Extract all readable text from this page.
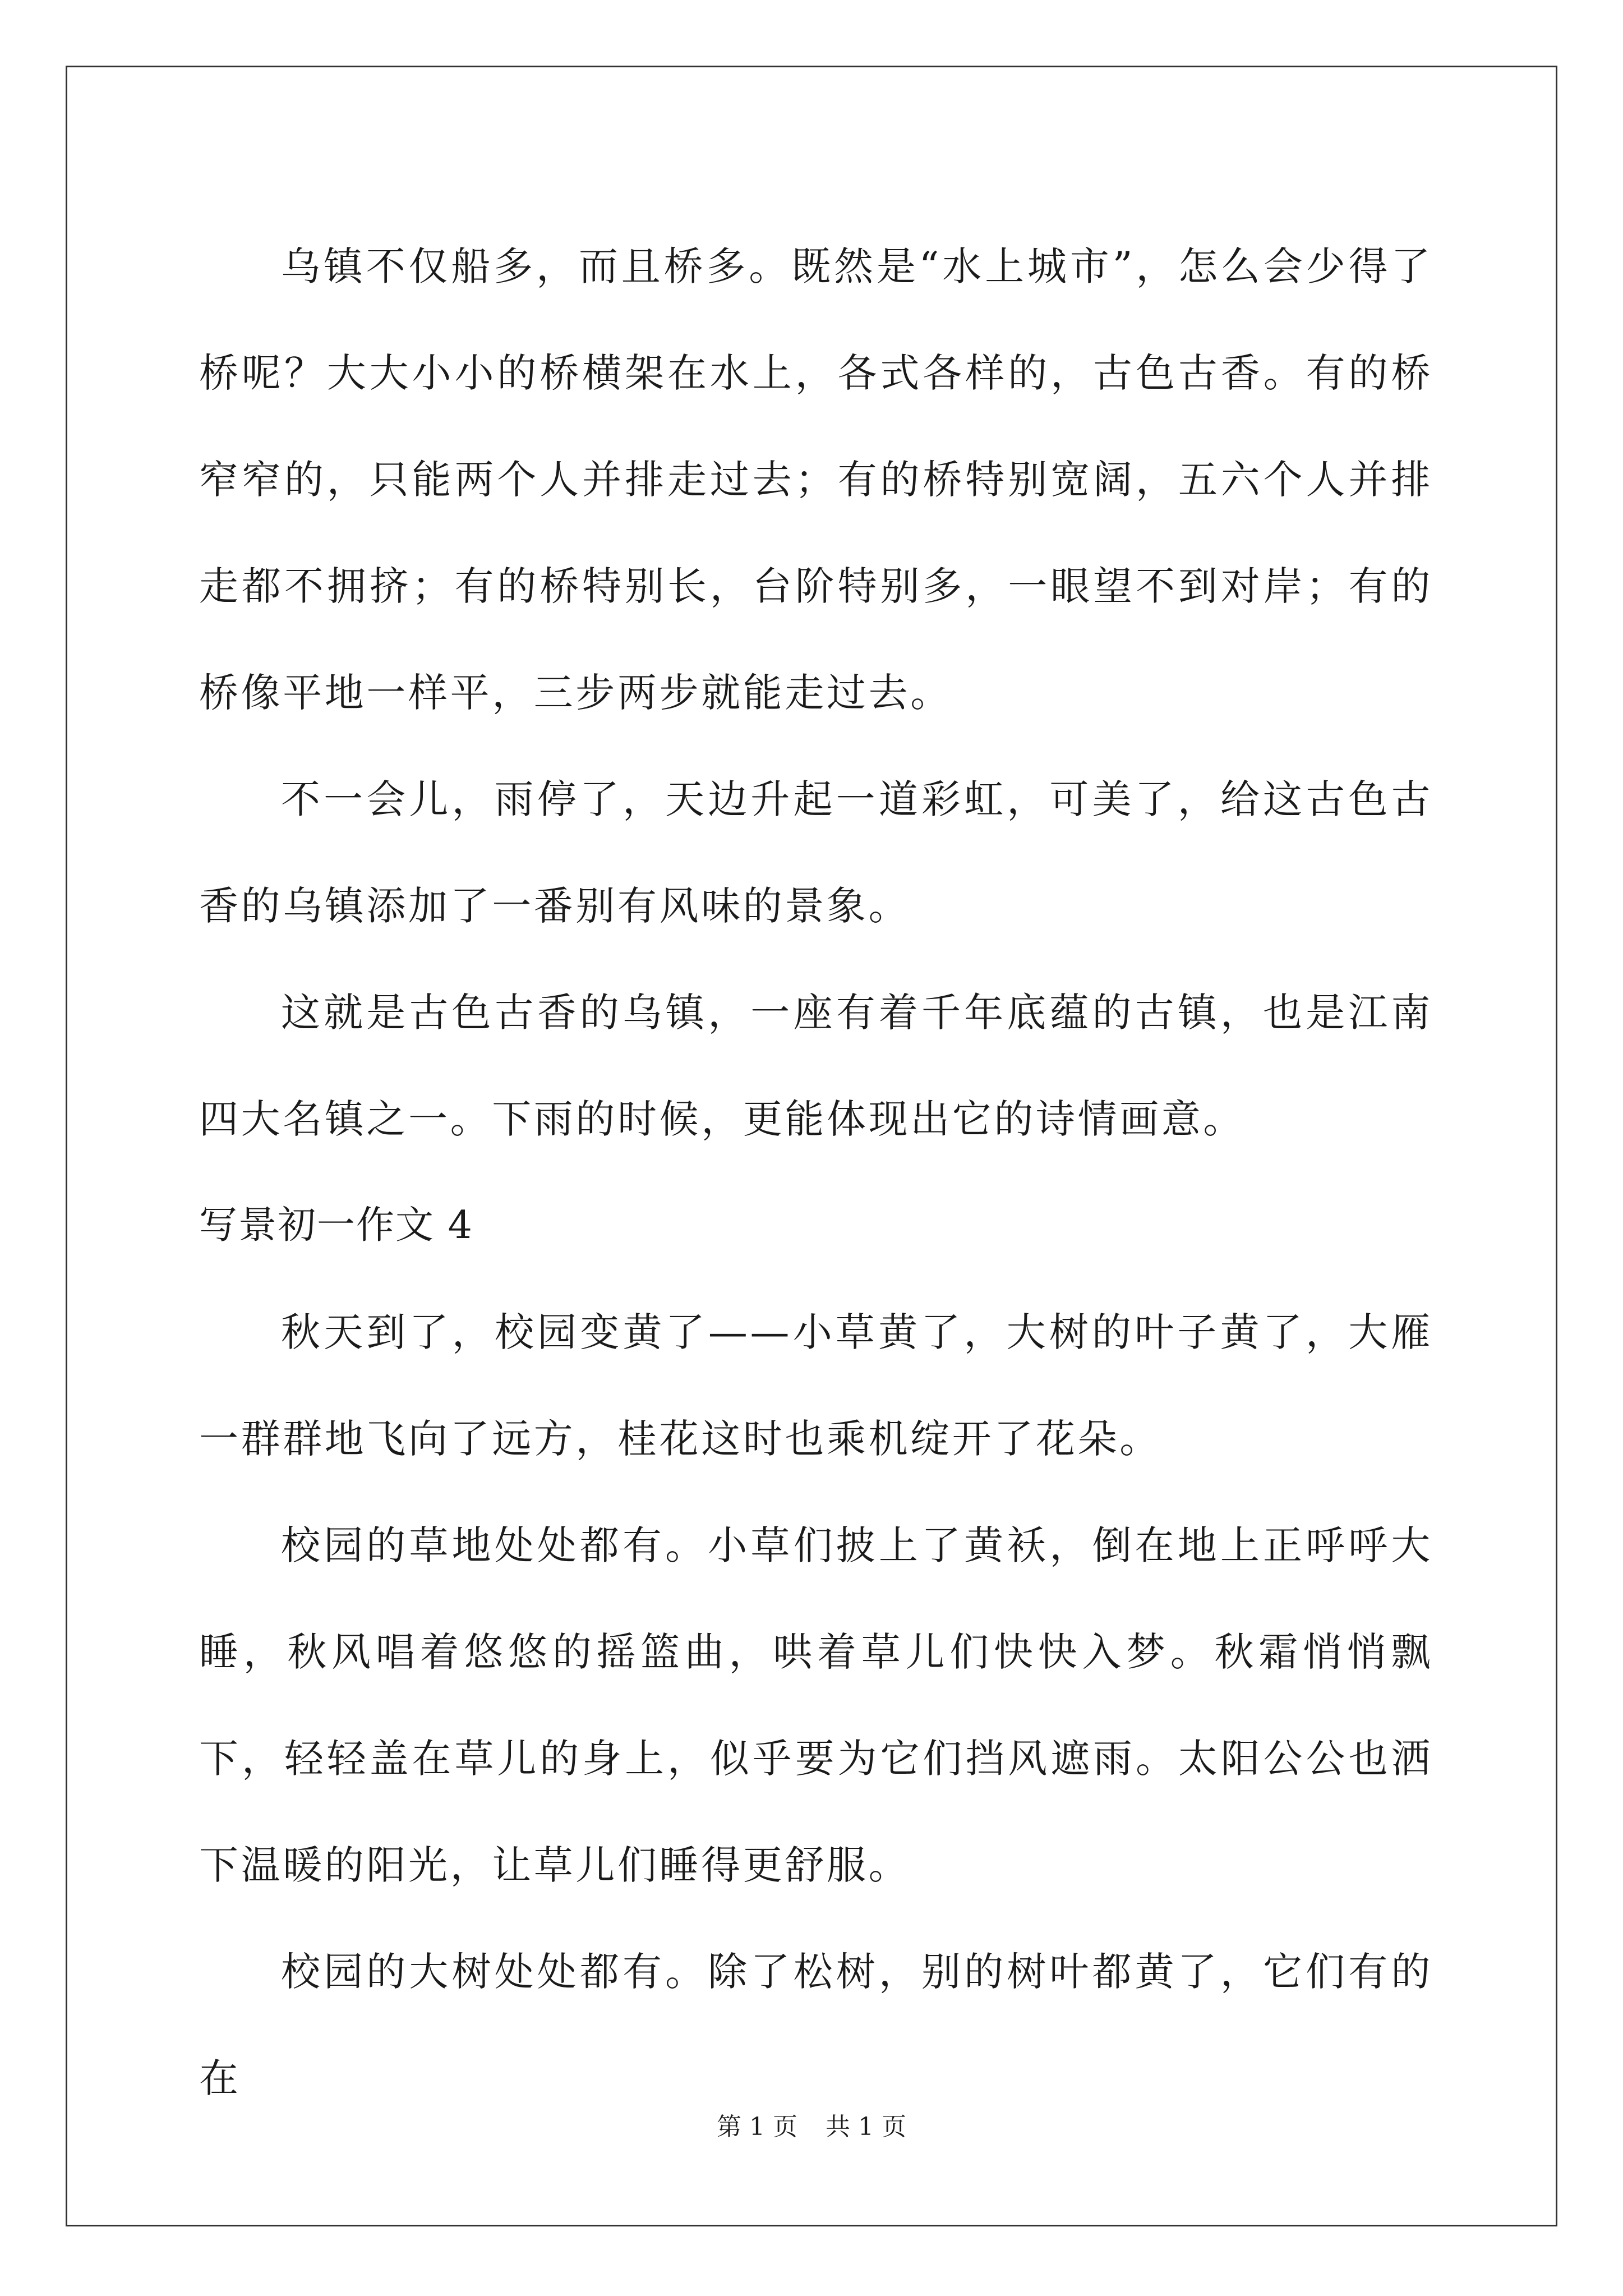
乌镇不仅船多，而且桥多。既然是“水上城市”，怎么会少得了桥呢？大大小小的桥横架在水上，各式各样的，古色古香。有的桥窄窄的，只能两个人并排走过去；有的桥特别宽阔，五六个人并排走都不拥挤；有的桥特别长，台阶特别多，一眼望不到对岸；有的桥像平地一样平，三步两步就能走过去。

不一会儿，雨停了，天边升起一道彩虹，可美了，给这古色古香的乌镇添加了一番别有风味的景象。

这就是古色古香的乌镇，一座有着千年底蕴的古镇，也是江南四大名镇之一。下雨的时候，更能体现出它的诗情画意。

写景初一作文 4

秋天到了，校园变黄了——小草黄了，大树的叶子黄了，大雁一群群地飞向了远方，桂花这时也乘机绽开了花朵。

校园的草地处处都有。小草们披上了黄袄，倒在地上正呼呼大睡，秋风唱着悠悠的摇篮曲，哄着草儿们快快入梦。秋霜悄悄飘下，轻轻盖在草儿的身上，似乎要为它们挡风遮雨。太阳公公也洒下温暖的阳光，让草儿们睡得更舒服。

校园的大树处处都有。除了松树，别的树叶都黄了，它们有的在

第 1 页 共 1 页
